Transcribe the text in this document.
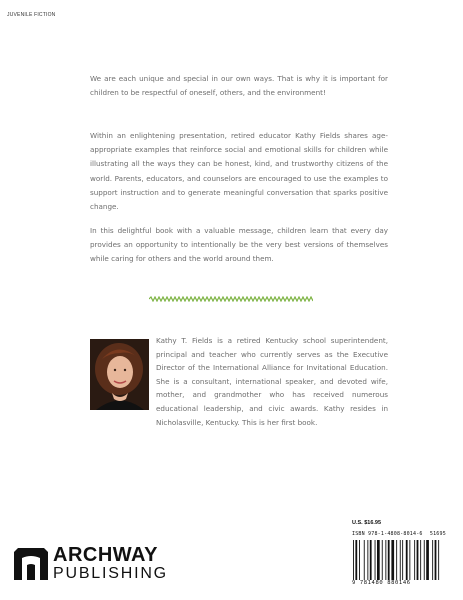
JUVENILE FICTION
We are each unique and special in our own ways. That is why it is important for children to be respectful of oneself, others, and the environment!
Within an enlightening presentation, retired educator Kathy Fields shares age-appropriate examples that reinforce social and emotional skills for children while illustrating all the ways they can be honest, kind, and trustworthy citizens of the world. Parents, educators, and counselors are encouraged to use the examples to support instruction and to generate meaningful conversation that sparks positive change.
In this delightful book with a valuable message, children learn that every day provides an opportunity to intentionally be the very best versions of themselves while caring for others and the world around them.
Kathy T. Fields is a retired Kentucky school superintendent, principal and teacher who currently serves as the Executive Director of the International Alliance for Invitational Education. She is a consultant, international speaker, and devoted wife, mother, and grandmother who has received numerous educational leadership, and civic awards. Kathy resides in Nicholasville, Kentucky. This is her first book.
U.S. $16.95
ISBN 978-1-4808-8014-6 51695
9 781480 880146
ARCHWAY
PUBLISHING
